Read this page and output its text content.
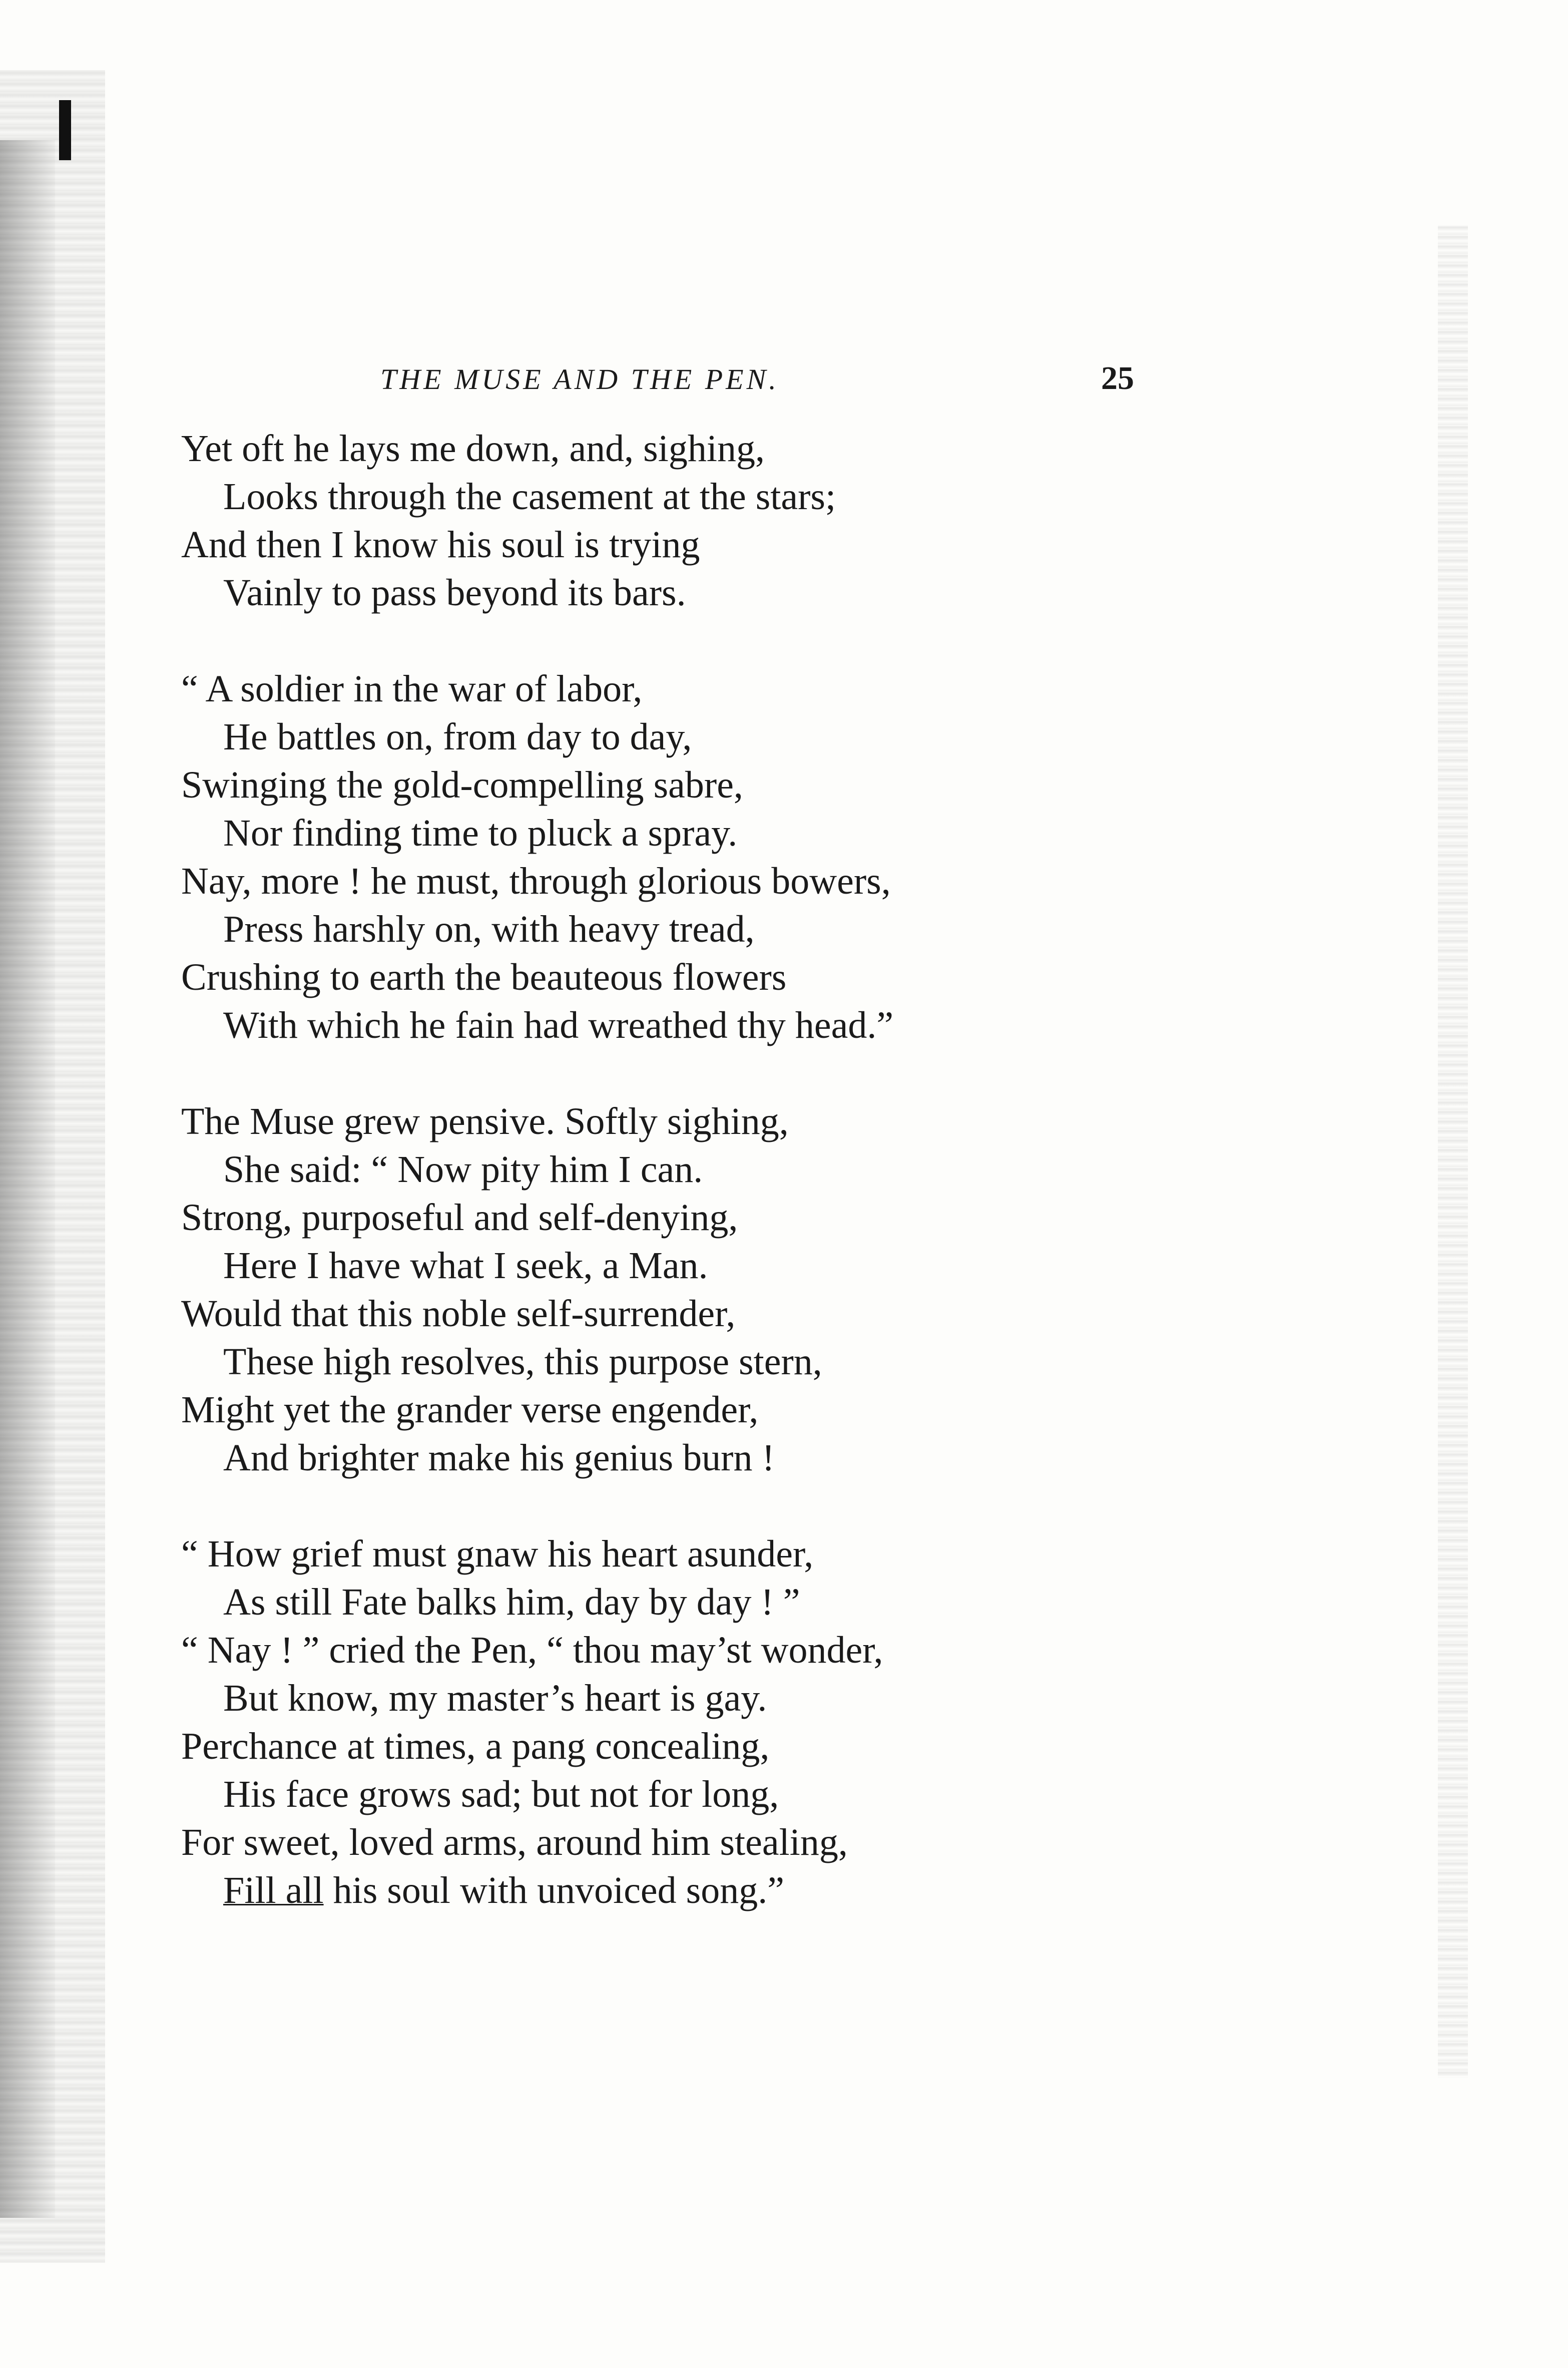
THE MUSE AND THE PEN.	25
Yet oft he lays me down, and, sighing,
Looks through the casement at the stars;
And then I know his soul is trying
Vainly to pass beyond its bars.
“ A soldier in the war of labor,
He battles on, from day to day,
Swinging the gold-compelling sabre,
Nor finding time to pluck a spray.
Nay, more ! he must, through glorious bowers,
Press harshly on, with heavy tread,
Crushing to earth the beauteous flowers
With which he fain had wreathed thy head.”
The Muse grew pensive. Softly sighing,
She said: “ Now pity him I can.
Strong, purposeful and self-denying,
Here I have what I seek, a Man.
Would that this noble self-surrender,
These high resolves, this purpose stern,
Might yet the grander verse engender,
And brighter make his genius burn !
“ How grief must gnaw his heart asunder,
As still Fate balks him, day by day ! ”
“ Nay ! ” cried the Pen, “ thou may’st wonder,
But know, my master’s heart is gay.
Perchance at times, a pang concealing,
His face grows sad; but not for long,
For sweet, loved arms, around him stealing,
Fill all his soul with unvoiced song.”
